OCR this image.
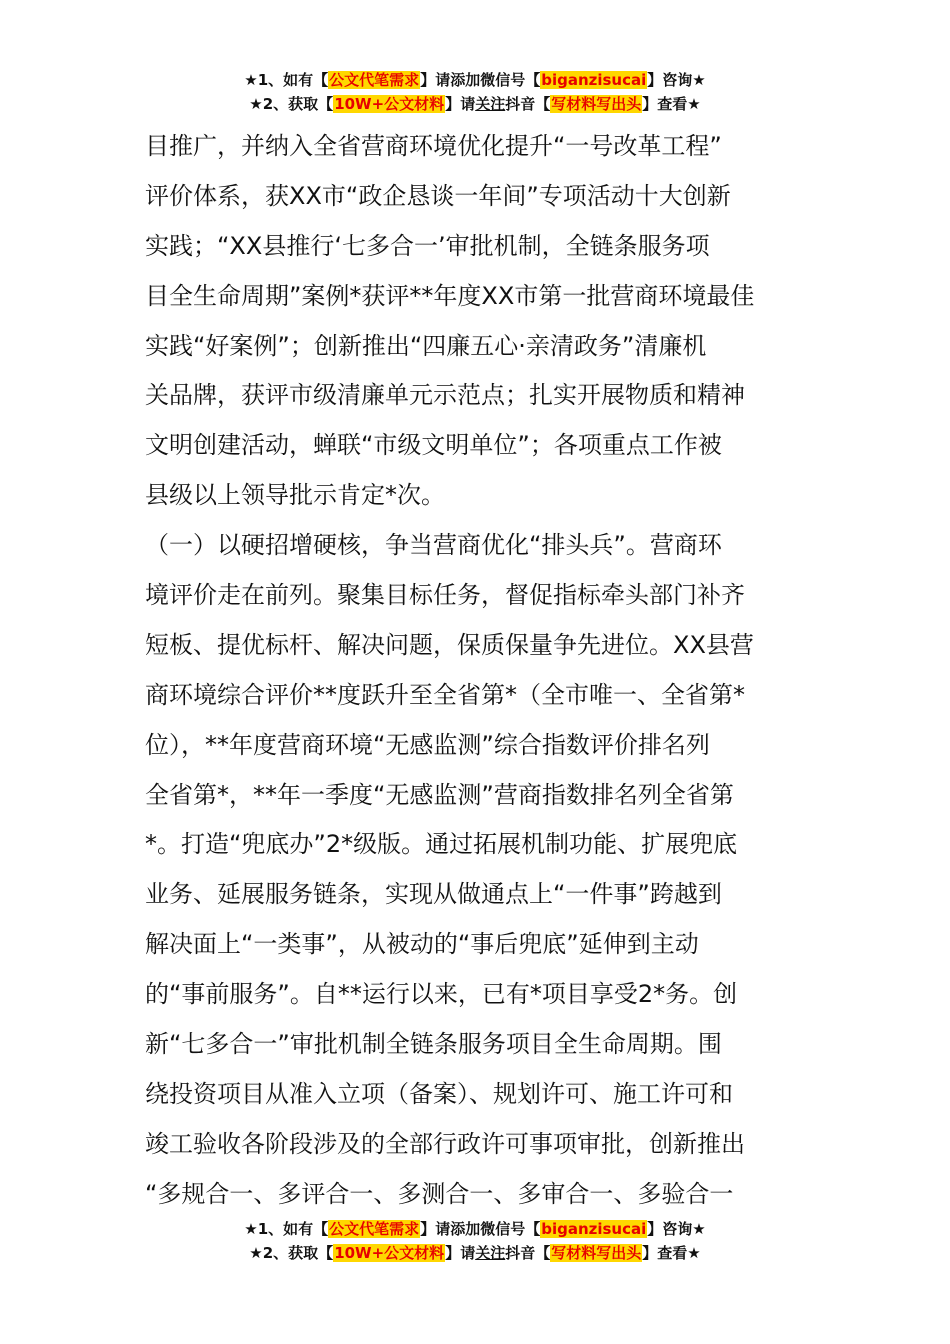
★1、如有【公文代笔需求】请添加微信号【biganzisucai】咨询★
★2、获取【10W+公文材料】请关注抖音【写材料写出头】查看★

目推广，并纳入全省营商环境优化提升“一号改革工程”
评价体系，获XX市“政企恳谈一年间”专项活动十大创新
实践；“XX县推行‘七多合一’审批机制，全链条服务项
目全生命周期”案例*获评**年度XX市第一批营商环境最佳
实践“好案例”；创新推出“四廉五心·亲清政务”清廉机
关品牌，获评市级清廉单元示范点；扎实开展物质和精神
文明创建活动，蝉联“市级文明单位”；各项重点工作被
县级以上领导批示肯定*次。

（一）以硬招增硬核，争当营商优化“排头兵”。营商环
境评价走在前列。聚集目标任务，督促指标牵头部门补齐
短板、提优标杆、解决问题，保质保量争先进位。XX县营
商环境综合评价**度跃升至全省第*（全市唯一、全省第*
位），**年度营商环境“无感监测”综合指数评价排名列
全省第*，**年一季度“无感监测”营商指数排名列全省第
*。打造“兜底办”2*级版。通过拓展机制功能、扩展兜底
业务、延展服务链条，实现从做通点上“一件事”跨越到
解决面上“一类事”，从被动的“事后兜底”延伸到主动
的“事前服务”。自**运行以来，已有*项目享受2*务。创
新“七多合一”审批机制全链条服务项目全生命周期。围
绕投资项目从准入立项（备案）、规划许可、施工许可和
竣工验收各阶段涉及的全部行政许可事项审批，创新推出
“多规合一、多评合一、多测合一、多审合一、多验合一

★1、如有【公文代笔需求】请添加微信号【biganzisucai】咨询★
★2、获取【10W+公文材料】请关注抖音【写材料写出头】查看★
